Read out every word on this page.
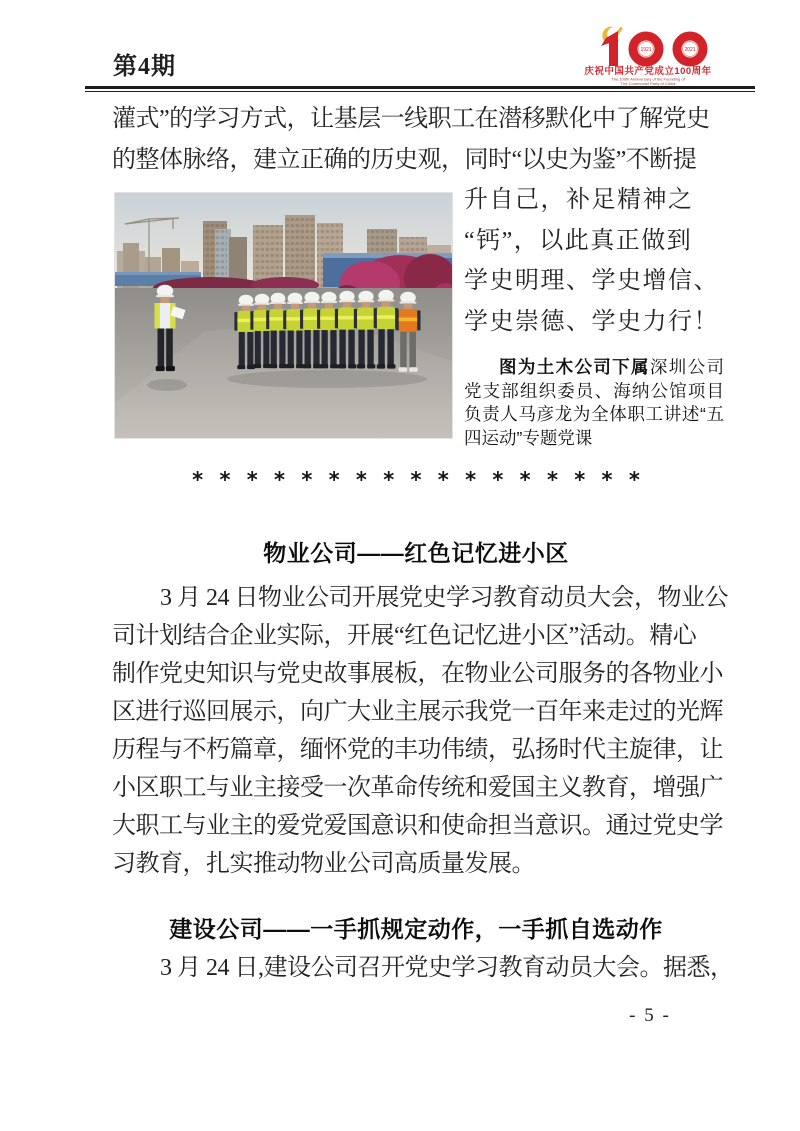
第4期
1921	2021
庆祝中国共产党成立100周年
The 100th Anniversary of the Founding of
The Communist Party of China
灌式”的学习方式，让基层一线职工在潜移默化中了解党史
的整体脉络，建立正确的历史观，同时“以史为鉴”不断提
升自己，补足精神之
“钙”，以此真正做到
学史明理、学史增信、
学史崇德、学史力行！
图为土木公司下属深圳公司党支部组织委员、海纳公馆项目负责人马彦龙为全体职工讲述“五四运动”专题党课
* * * * * * * * * * * * * * * * *
物业公司——红色记忆进小区
3 月 24 日物业公司开展党史学习教育动员大会，物业公
司计划结合企业实际，开展“红色记忆进小区”活动。精心
制作党史知识与党史故事展板，在物业公司服务的各物业小
区进行巡回展示，向广大业主展示我党一百年来走过的光辉
历程与不朽篇章，缅怀党的丰功伟绩，弘扬时代主旋律，让
小区职工与业主接受一次革命传统和爱国主义教育，增强广
大职工与业主的爱党爱国意识和使命担当意识。通过党史学
习教育，扎实推动物业公司高质量发展。
建设公司——一手抓规定动作，一手抓自选动作
3 月 24 日,建设公司召开党史学习教育动员大会。据悉，
- 5 -
